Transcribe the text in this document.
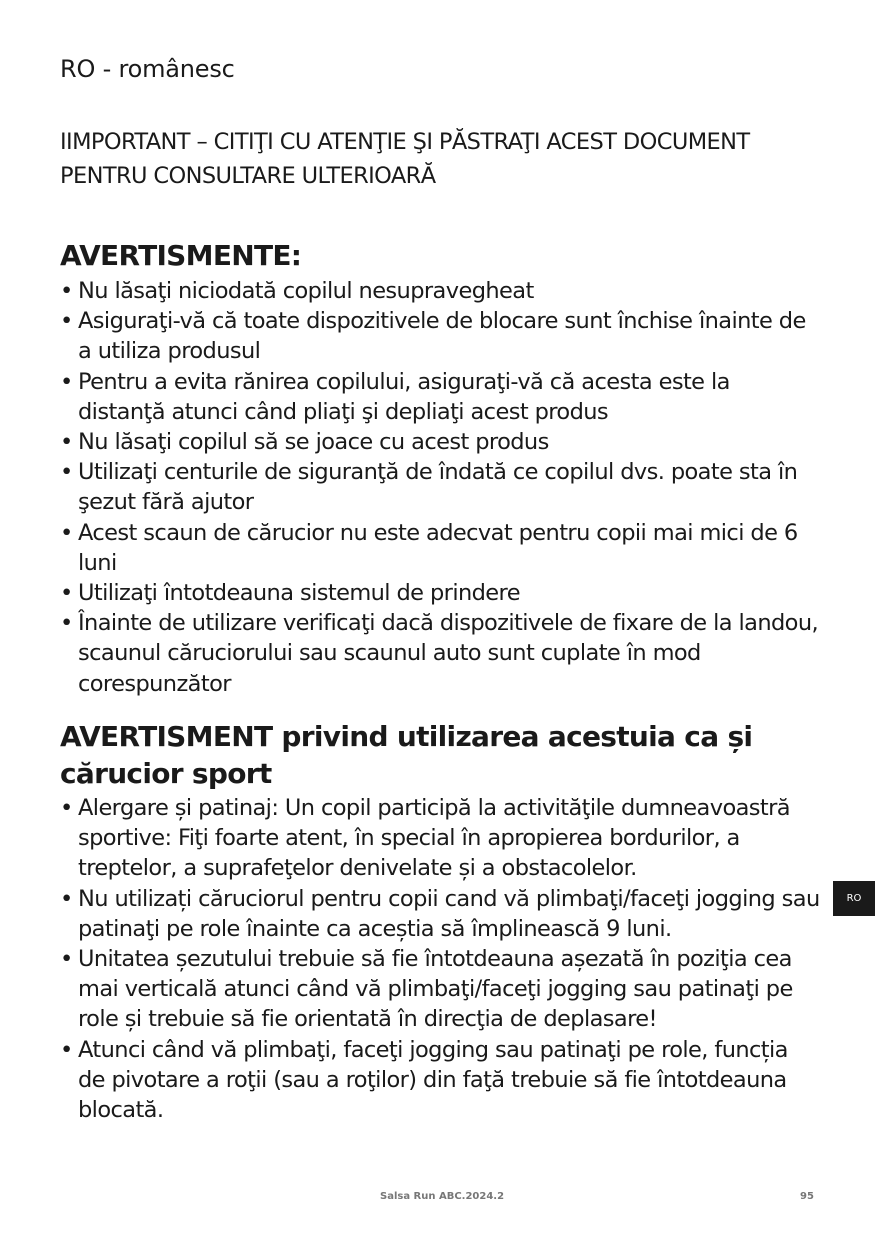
RO - românesc
IIMPORTANT – CITIŢI CU ATENŢIE ŞI PĂSTRAŢI ACEST DOCUMENT PENTRU CONSULTARE ULTERIOARĂ
AVERTISMENTE:
• Nu lăsaţi niciodată copilul nesupravegheat
• Asiguraţi-vă că toate dispozitivele de blocare sunt închise înainte de a utiliza produsul
• Pentru a evita rănirea copilului, asiguraţi-vă că acesta este la distanţă atunci când pliaţi şi depliaţi acest produs
• Nu lăsaţi copilul să se joace cu acest produs
• Utilizaţi centurile de siguranţă de îndată ce copilul dvs. poate sta în şezut fără ajutor
• Acest scaun de cărucior nu este adecvat pentru copii mai mici de 6 luni
• Utilizaţi întotdeauna sistemul de prindere
• Înainte de utilizare verificaţi dacă dispozitivele de fixare de la landou, scaunul căruciorului sau scaunul auto sunt cuplate în mod corespunzător
AVERTISMENT privind utilizarea acestuia ca și cărucior sport
• Alergare și patinaj: Un copil participă la activităţile dumneavoastră sportive: Fiţi foarte atent, în special în apropierea bordurilor, a treptelor, a suprafeţelor denivelate și a obstacolelor.
• Nu utilizați căruciorul pentru copii cand vă plimbaţi/faceţi jogging sau patinaţi pe role înainte ca aceștia să împlinească 9 luni.
• Unitatea șezutului trebuie să fie întotdeauna așezată în poziţia cea mai verticală atunci când vă plimbaţi/faceţi jogging sau patinaţi pe role și trebuie să fie orientată în direcţia de deplasare!
• Atunci când vă plimbaţi, faceţi jogging sau patinaţi pe role, funcția de pivotare a roţii (sau a roţilor) din faţă trebuie să fie întotdeauna blocată.
RO
Salsa Run ABC.2024.2	95
